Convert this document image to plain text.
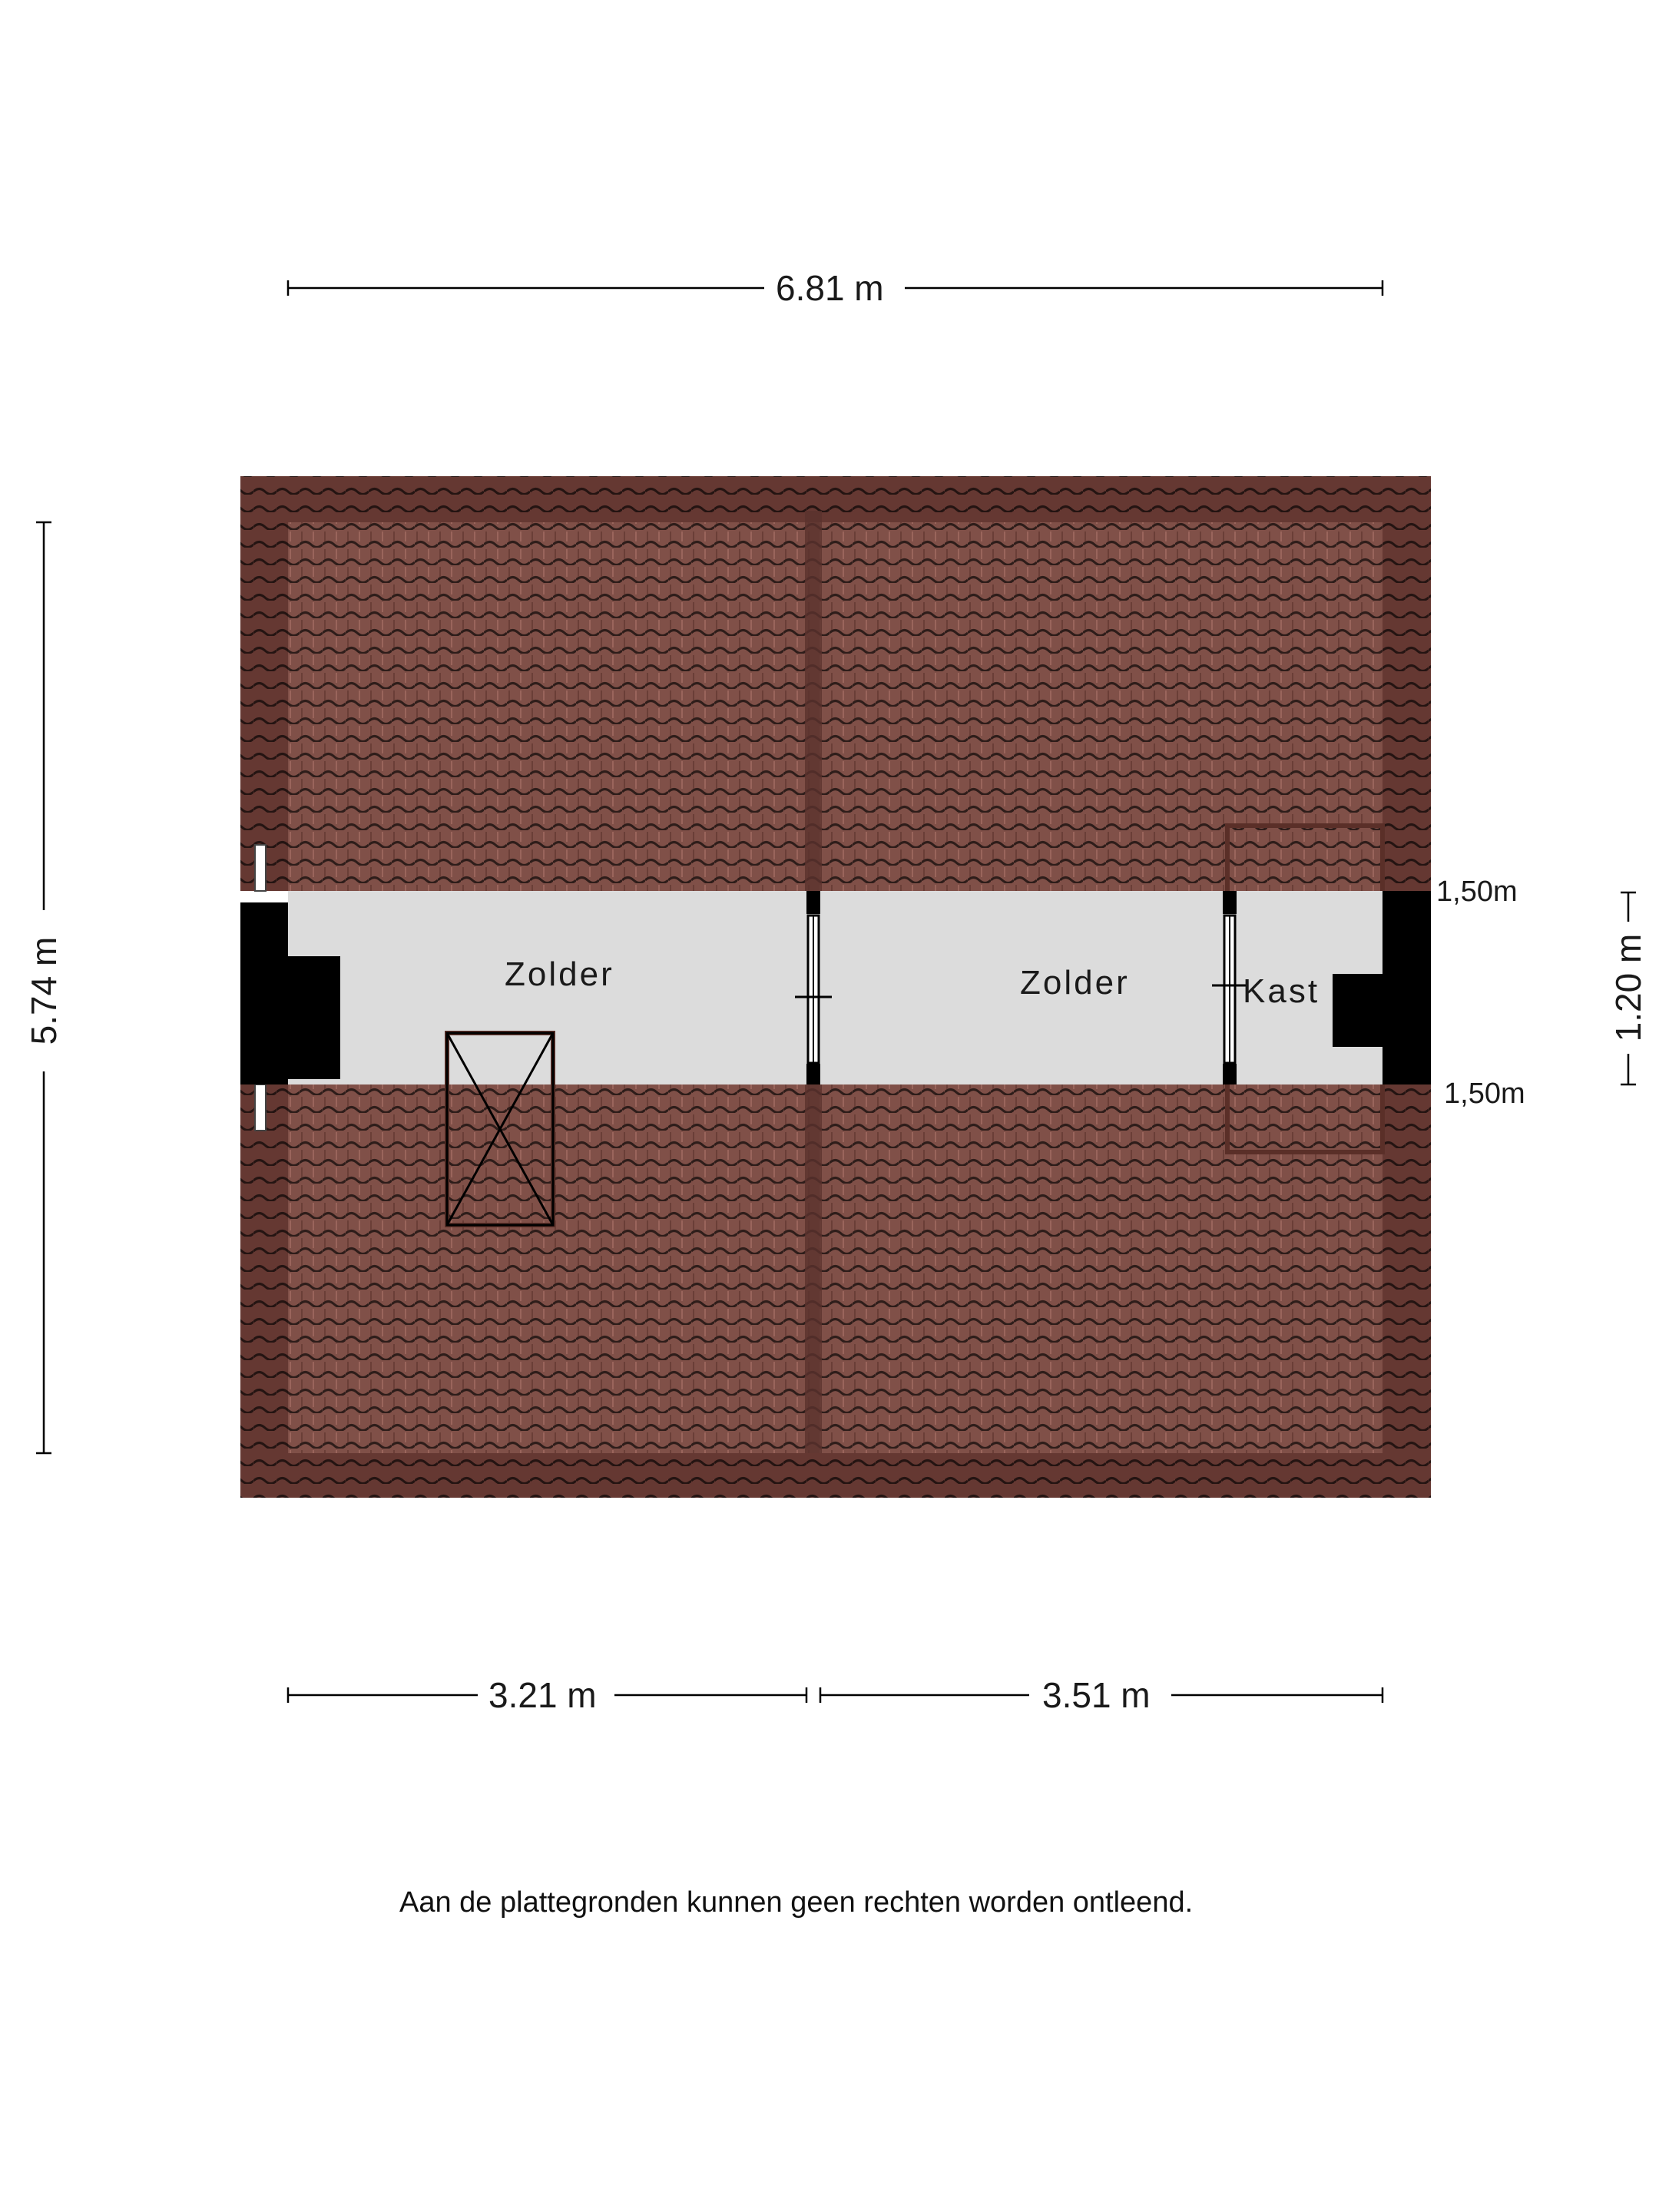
6.81 m
5.74 m
3.21 m	3.51 m
1.20 m
1,50m
1,50m
Zolder	Zolder	Kast
Aan de plattegronden kunnen geen rechten worden ontleend.
